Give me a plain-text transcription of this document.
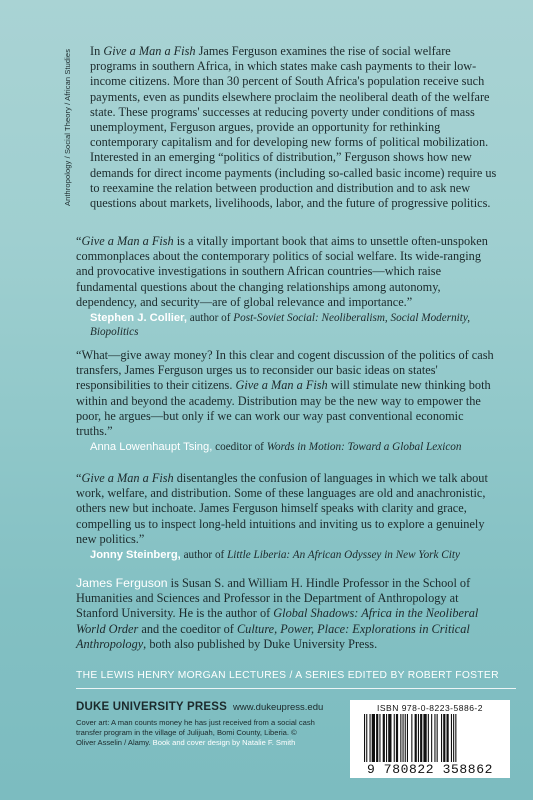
Anthropology / Social Theory / African Studies In Give a Man a Fish James Ferguson examines the rise of social welfare programs in southern Africa, in which states make cash payments to their low-income citizens. More than 30 percent of South Africa's population receive such payments, even as pundits elsewhere proclaim the neoliberal death of the welfare state. These programs' successes at reducing poverty under conditions of mass unemployment, Ferguson argues, provide an opportunity for rethinking contemporary capitalism and for developing new forms of political mobilization. Interested in an emerging “politics of distribution,” Ferguson shows how new demands for direct income payments (including so-called basic income) require us to reexamine the relation between production and distribution and to ask new questions about markets, livelihoods, labor, and the future of progressive politics.

“Give a Man a Fish is a vitally important book that aims to unsettle often-unspoken commonplaces about the contemporary politics of social welfare. Its wide-ranging and provocative investigations in southern African countries—which raise fundamental questions about the changing relationships among autonomy, dependency, and security—are of global relevance and importance.”

Stephen J. Collier, author of Post-Soviet Social: Neoliberalism, Social Modernity, Biopolitics

“What—give away money? In this clear and cogent discussion of the politics of cash transfers, James Ferguson urges us to reconsider our basic ideas on states' responsibilities to their citizens. Give a Man a Fish will stimulate new thinking both within and beyond the academy. Distribution may be the new way to empower the poor, he argues—but only if we can work our way past conventional economic truths.”

Anna Lowenhaupt Tsing, coeditor of Words in Motion: Toward a Global Lexicon

“Give a Man a Fish disentangles the confusion of languages in which we talk about work, welfare, and distribution. Some of these languages are old and anachronistic, others new but inchoate. James Ferguson himself speaks with clarity and grace, compelling us to inspect long-held intuitions and inviting us to explore a genuinely new politics.”

Jonny Steinberg, author of Little Liberia: An African Odyssey in New York City
James Ferguson is Susan S. and William H. Hindle Professor in the School of Humanities and Sciences and Professor in the Department of Anthropology at Stanford University. He is the author of Global Shadows: Africa in the Neoliberal World Order and the coeditor of Culture, Power, Place: Explorations in Critical Anthropology, both also published by Duke University Press.
THE LEWIS HENRY MORGAN LECTURES / A SERIES EDITED BY ROBERT FOSTER
DUKE UNIVERSITY PRESS www.dukeupress.edu
Cover art: A man counts money he has just received from a social cash transfer program in the village of Julijuah, Bomi County, Liberia. © Oliver Asselin / Alamy. Book and cover design by Natalie F. Smith
ISBN 978-0-8223-5886-2
9 780822 358862
